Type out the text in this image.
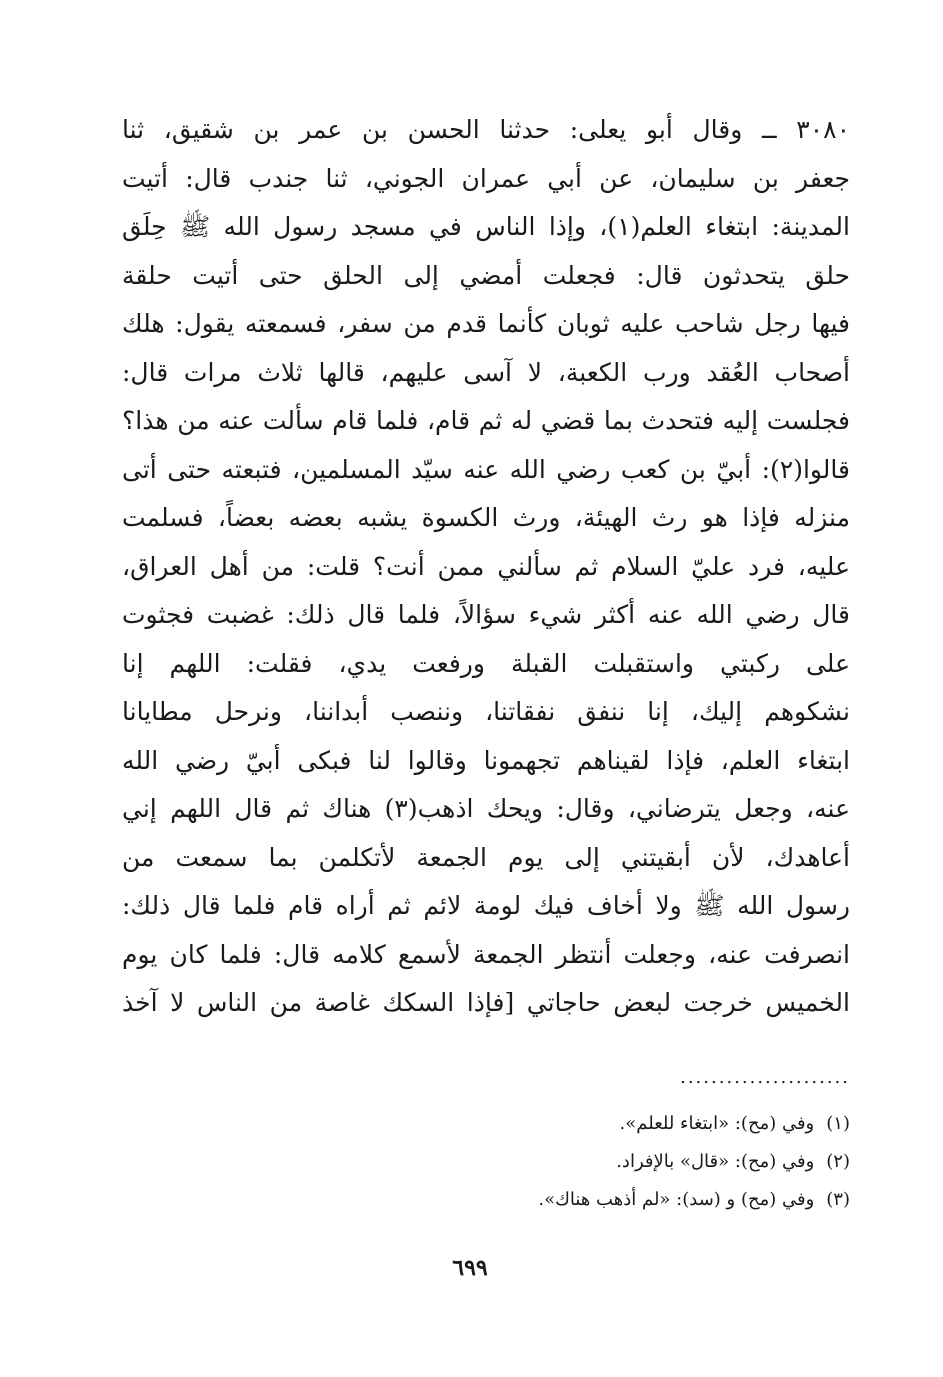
٣٠٨٠ ــ وقال أبو يعلى: حدثنا الحسن بن عمر بن شقيق، ثنا
جعفر بن سليمان، عن أبي عمران الجوني، ثنا جندب قال: أتيت
المدينة: ابتغاء العلم(١)، وإذا الناس في مسجد رسول الله ﷺ حِلَق
حلق يتحدثون قال: فجعلت أمضي إلى الحلق حتى أتيت حلقة
فيها رجل شاحب عليه ثوبان كأنما قدم من سفر، فسمعته يقول: هلك
أصحاب العُقد ورب الكعبة، لا آسى عليهم، قالها ثلاث مرات قال:
فجلست إليه فتحدث بما قضي له ثم قام، فلما قام سألت عنه من هذا؟
قالوا(٢): أبيّ بن كعب رضي الله عنه سيّد المسلمين، فتبعته حتى أتى
منزله فإذا هو رث الهيئة، ورث الكسوة يشبه بعضه بعضاً، فسلمت
عليه، فرد عليّ السلام ثم سألني ممن أنت؟ قلت: من أهل العراق،
قال رضي الله عنه أكثر شيء سؤالاً، فلما قال ذلك: غضبت فجثوت
على ركبتي واستقبلت القبلة ورفعت يدي، فقلت: اللهم إنا
نشكوهم إليك، إنا ننفق نفقاتنا، وننصب أبداننا، ونرحل مطايانا
ابتغاء العلم، فإذا لقيناهم تجهمونا وقالوا لنا فبكى أبيّ رضي الله
عنه، وجعل يترضاني، وقال: ويحك اذهب(٣) هناك ثم قال اللهم إني
أعاهدك، لأن أبقيتني إلى يوم الجمعة لأتكلمن بما سمعت من
رسول الله ﷺ ولا أخاف فيك لومة لائم ثم أراه قام فلما قال ذلك:
انصرفت عنه، وجعلت أنتظر الجمعة لأسمع كلامه قال: فلما كان يوم
الخميس خرجت لبعض حاجاتي [فإذا السكك غاصة من الناس لا آخذ
......................
(١)وفي (مح): «ابتغاء للعلم».
(٢)وفي (مح): «قال» بالإفراد.
(٣)وفي (مح) و (سد): «لم أذهب هناك».
٦٩٩
